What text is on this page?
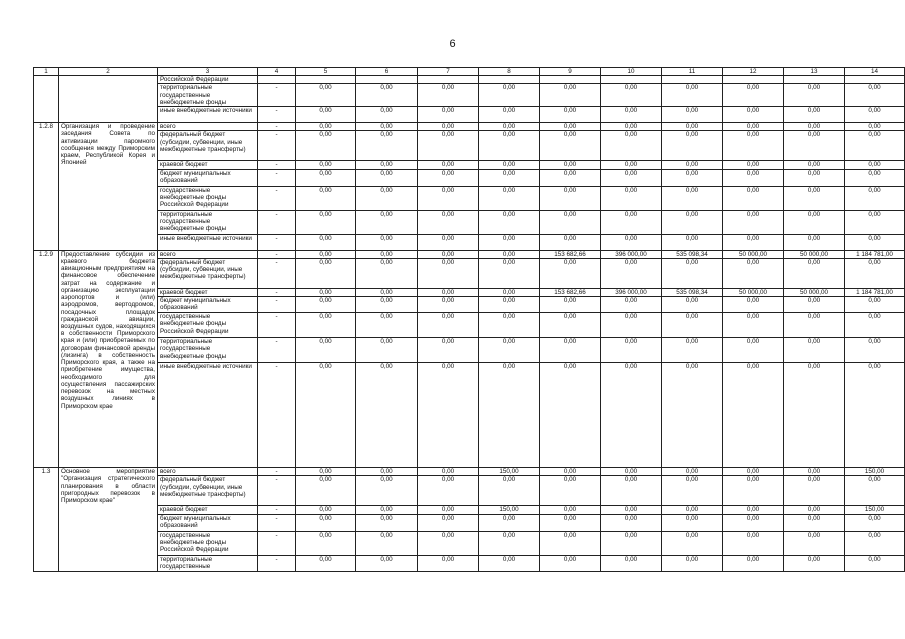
6
1	2	3	4	5	6	7	8	9	10	11	12	13	14
		Российской Федерации											
		территориальные государственные внебюджетные фонды	-	0,00	0,00	0,00	0,00	0,00	0,00	0,00	0,00	0,00	0,00
		иные внебюджетные источники	-	0,00	0,00	0,00	0,00	0,00	0,00	0,00	0,00	0,00	0,00
1.2.8	Организация и проведение заседания Совета по активизации паромного сообщения между Приморским краем, Республикой Корея и Японией	всего	-	0,00	0,00	0,00	0,00	0,00	0,00	0,00	0,00	0,00	0,00
		федеральный бюджет (субсидии, субвенции, иные межбюджетные трансферты)	-	0,00	0,00	0,00	0,00	0,00	0,00	0,00	0,00	0,00	0,00
		краевой бюджет	-	0,00	0,00	0,00	0,00	0,00	0,00	0,00	0,00	0,00	0,00
		бюджет муниципальных образований	-	0,00	0,00	0,00	0,00	0,00	0,00	0,00	0,00	0,00	0,00
		государственные внебюджетные фонды Российской Федерации	-	0,00	0,00	0,00	0,00	0,00	0,00	0,00	0,00	0,00	0,00
		территориальные государственные внебюджетные фонды	-	0,00	0,00	0,00	0,00	0,00	0,00	0,00	0,00	0,00	0,00
		иные внебюджетные источники	-	0,00	0,00	0,00	0,00	0,00	0,00	0,00	0,00	0,00	0,00
1.2.9	Предоставление субсидии из краевого бюджета авиационным предприятиям на финансовое обеспечение затрат на содержание и организацию эксплуатации аэропортов и (или) аэродромов, вертодромов, посадочных площадок гражданской авиации, воздушных судов, находящихся в собственности Приморского края и (или) приобретаемых по договорам финансовой аренды (лизинга) в собственность Приморского края, а также на приобретение имущества, необходимого для осуществления пассажирских перевозок на местных воздушных линиях в Приморском крае	всего	-	0,00	0,00	0,00	0,00	153 682,66	396 000,00	535 098,34	50 000,00	50 000,00	1 184 781,00
		федеральный бюджет (субсидии, субвенции, иные межбюджетные трансферты)	-	0,00	0,00	0,00	0,00	0,00	0,00	0,00	0,00	0,00	0,00
		краевой бюджет	-	0,00	0,00	0,00	0,00	153 682,66	396 000,00	535 098,34	50 000,00	50 000,00	1 184 781,00
		бюджет муниципальных образований	-	0,00	0,00	0,00	0,00	0,00	0,00	0,00	0,00	0,00	0,00
		государственные внебюджетные фонды Российской Федерации	-	0,00	0,00	0,00	0,00	0,00	0,00	0,00	0,00	0,00	0,00
		территориальные государственные внебюджетные фонды	-	0,00	0,00	0,00	0,00	0,00	0,00	0,00	0,00	0,00	0,00
		иные внебюджетные источники	-	0,00	0,00	0,00	0,00	0,00	0,00	0,00	0,00	0,00	0,00
1.3	Основное мероприятие "Организация стратегического планирования в области пригородных перевозок в Приморском крае"	всего	-	0,00	0,00	0,00	150,00	0,00	0,00	0,00	0,00	0,00	150,00
		федеральный бюджет (субсидии, субвенции, иные межбюджетные трансферты)	-	0,00	0,00	0,00	0,00	0,00	0,00	0,00	0,00	0,00	0,00
		краевой бюджет	-	0,00	0,00	0,00	150,00	0,00	0,00	0,00	0,00	0,00	150,00
		бюджет муниципальных образований	-	0,00	0,00	0,00	0,00	0,00	0,00	0,00	0,00	0,00	0,00
		государственные внебюджетные фонды Российской Федерации	-	0,00	0,00	0,00	0,00	0,00	0,00	0,00	0,00	0,00	0,00
		территориальные государственные	-	0,00	0,00	0,00	0,00	0,00	0,00	0,00	0,00	0,00	0,00
